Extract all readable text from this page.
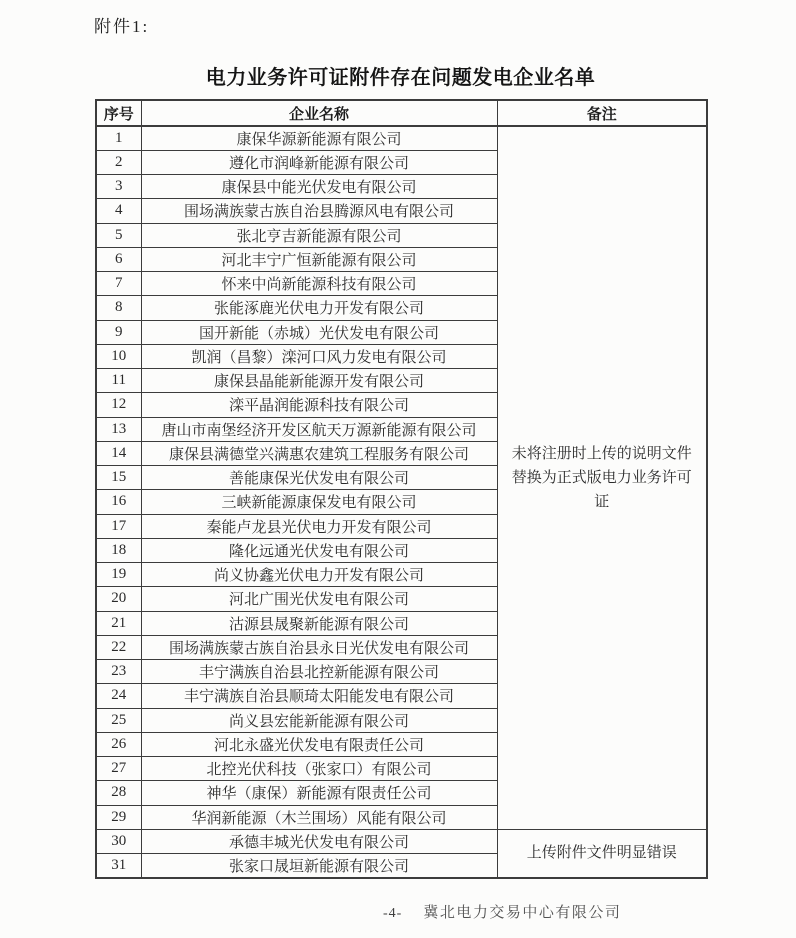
附件1:
电力业务许可证附件存在问题发电企业名单
序号	企业名称	备注
1	康保华源新能源有限公司	未将注册时上传的说明文件替换为正式版电力业务许可证
2	遵化市润峰新能源有限公司	
3	康保县中能光伏发电有限公司	
4	围场满族蒙古族自治县腾源风电有限公司	
5	张北亨吉新能源有限公司	
6	河北丰宁广恒新能源有限公司	
7	怀来中尚新能源科技有限公司	
8	张能涿鹿光伏电力开发有限公司	
9	国开新能（赤城）光伏发电有限公司	
10	凯润（昌黎）滦河口风力发电有限公司	
11	康保县晶能新能源开发有限公司	
12	滦平晶润能源科技有限公司	
13	唐山市南堡经济开发区航天万源新能源有限公司	
14	康保县满德堂兴满惠农建筑工程服务有限公司	
15	善能康保光伏发电有限公司	
16	三峡新能源康保发电有限公司	
17	秦能卢龙县光伏电力开发有限公司	
18	隆化远通光伏发电有限公司	
19	尚义协鑫光伏电力开发有限公司	
20	河北广围光伏发电有限公司	
21	沽源县晟聚新能源有限公司	
22	围场满族蒙古族自治县永日光伏发电有限公司	
23	丰宁满族自治县北控新能源有限公司	
24	丰宁满族自治县顺琦太阳能发电有限公司	
25	尚义县宏能新能源有限公司	
26	河北永盛光伏发电有限责任公司	
27	北控光伏科技（张家口）有限公司	
28	神华（康保）新能源有限责任公司	
29	华润新能源（木兰围场）风能有限公司	
30	承德丰城光伏发电有限公司	上传附件文件明显错误
31	张家口晟垣新能源有限公司	
-4- 冀北电力交易中心有限公司
